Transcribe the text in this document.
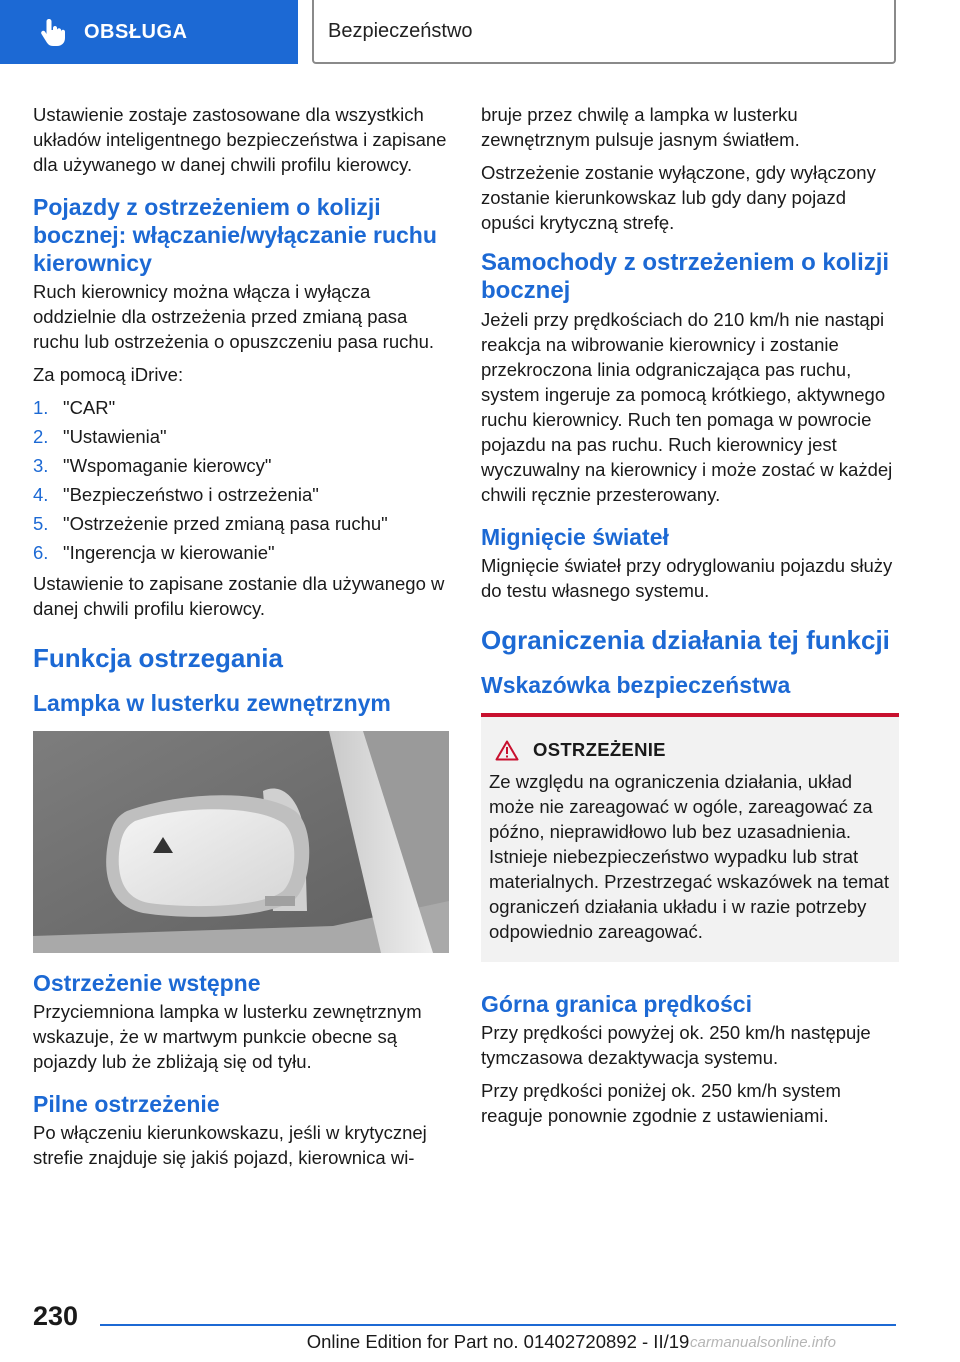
OBSŁUGA	Bezpieczeństwo

Ustawienie zostaje zastosowane dla wszystkich układów inteligentnego bezpieczeństwa i zapisane dla używanego w danej chwili profilu kierowcy.

Pojazdy z ostrzeżeniem o kolizji bocznej: włączanie/wyłączanie ruchu kierownicy

Ruch kierownicy można włącza i wyłącza oddzielnie dla ostrzeżenia przed zmianą pasa ruchu lub ostrzeżenia o opuszczeniu pasa ruchu.

Za pomocą iDrive:

1. "CAR"
2. "Ustawienia"
3. "Wspomaganie kierowcy"
4. "Bezpieczeństwo i ostrzeżenia"
5. "Ostrzeżenie przed zmianą pasa ruchu"
6. "Ingerencja w kierowanie"

Ustawienie to zapisane zostanie dla używanego w danej chwili profilu kierowcy.

Funkcja ostrzegania
Lampka w lusterku zewnętrznym
Ostrzeżenie wstępne

Przyciemniona lampka w lusterku zewnętrznym wskazuje, że w martwym punkcie obecne są pojazdy lub że zbliżają się od tyłu.

Pilne ostrzeżenie

Po włączeniu kierunkowskazu, jeśli w krytycznej strefie znajduje się jakiś pojazd, kierownica wi-

bruje przez chwilę a lampka w lusterku zewnętrznym pulsuje jasnym światłem.

Ostrzeżenie zostanie wyłączone, gdy wyłączony zostanie kierunkowskaz lub gdy dany pojazd opuści krytyczną strefę.

Samochody z ostrzeżeniem o kolizji bocznej

Jeżeli przy prędkościach do 210 km/h nie nastąpi reakcja na wibrowanie kierownicy i zostanie przekroczona linia odgraniczająca pas ruchu, system ingeruje za pomocą krótkiego, aktywnego ruchu kierownicy. Ruch ten pomaga w powrocie pojazdu na pas ruchu. Ruch kierownicy jest wyczuwalny na kierownicy i może zostać w każdej chwili ręcznie przesterowany.

Mignięcie świateł

Mignięcie świateł przy odryglowaniu pojazdu służy do testu własnego systemu.

Ograniczenia działania tej funkcji
Wskazówka bezpieczeństwa
OSTRZEŻENIE

Ze względu na ograniczenia działania, układ może nie zareagować w ogóle, zareagować za późno, nieprawidłowo lub bez uzasadnienia. Istnieje niebezpieczeństwo wypadku lub strat materialnych. Przestrzegać wskazówek na temat ograniczeń działania układu i w razie potrzeby odpowiednio zareagować.

Górna granica prędkości

Przy prędkości powyżej ok. 250 km/h następuje tymczasowa dezaktywacja systemu.

Przy prędkości poniżej ok. 250 km/h system reaguje ponownie zgodnie z ustawieniami.

230
Online Edition for Part no. 01402720892 - II/19 carmanualsonline.info
